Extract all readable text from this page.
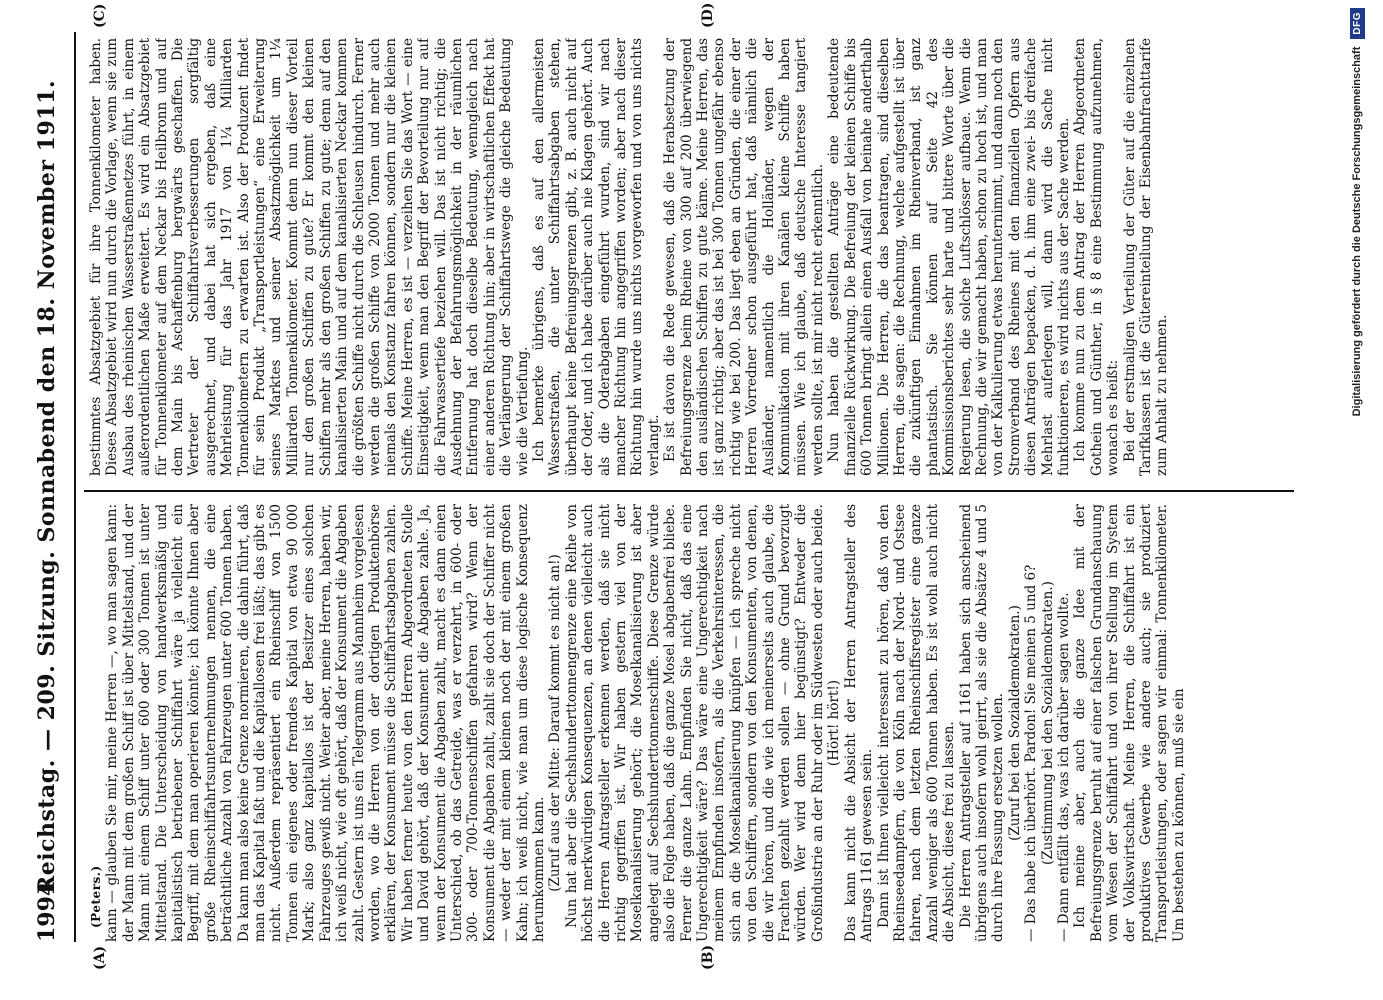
1994
Reichstag. — 209. Sitzung. Sonnabend den 18. November 1911.
(A)	(B)
(C)	(D)

(Peters.) kann — glauben Sie mir, meine Herren —, wo man sagen kann: der Mann mit dem großen Schiff ist über Mittelstand, und der Mann mit einem Schiff unter 600 oder 300 Tonnen ist unter Mittelstand. Die Unterscheidung von handwerksmäßig und kapitalistisch betriebener Schiffahrt wäre ja vielleicht ein Begriff, mit dem man operieren könnte; ich könnte Ihnen aber große Rheinschiffahrtsunternehmungen nennen, die eine beträchtliche Anzahl von Fahrzeugen unter 600 Tonnen haben. Da kann man also keine Grenze normieren, die dahin führt, daß man das Kapital faßt und die Kapitallosen frei läßt; das gibt es nicht. Außerdem repräsentiert ein Rheinschiff von 1500 Tonnen ein eigenes oder fremdes Kapital von etwa 90 000 Mark; also ganz kapitallos ist der Besitzer eines solchen Fahrzeuges gewiß nicht. Weiter aber, meine Herren, haben wir, ich weiß nicht, wie oft gehört, daß der Konsument die Abgaben zahlt. Gestern ist uns ein Telegramm aus Mannheim vorgelesen worden, wo die Herren von der dortigen Produktenbörse erklären, der Konsument müsse die Schiffahrtsabgaben zahlen. Wir haben ferner heute von den Herren Abgeordneten Stolle und David gehört, daß der Konsument die Abgaben zahle. Ja, wenn der Konsument die Abgaben zahlt, macht es dann einen Unterschied, ob das Getreide, was er verzehrt, in 600- oder 300- oder 700-Tonnenschiffen gefahren wird? Wenn der Konsument die Abgaben zahlt, zahlt sie doch der Schiffer nicht — weder der mit einem kleinen noch der mit einem großen Kahn; ich weiß nicht, wie man um diese logische Konsequenz herumkommen kann. (Zuruf aus der Mitte: Darauf kommt es nicht an!) Nun hat aber die Sechshunderttonnengrenze eine Reihe von höchst merkwürdigen Konsequenzen, an denen vielleicht auch die Herren Antragsteller erkennen werden, daß sie nicht richtig gegriffen ist. Wir haben gestern viel von der Moselkanalisierung gehört; die Moselkanalisierung ist aber angelegt auf Sechshunderttonnenschiffe. Diese Grenze würde also die Folge haben, daß die ganze Mosel abgabenfrei bliebe. Ferner die ganze Lahn. Empfinden Sie nicht, daß das eine Ungerechtigkeit wäre? Das wäre eine Ungerechtigkeit nach meinem Empfinden insofern, als die Verkehrsinteressen, die sich an die Moselkanalisierung knüpfen — ich spreche nicht von den Schiffern, sondern von den Konsumenten, von denen, die wir hören, und die wie ich meinerseits auch glaube, die Frachten gezahlt werden sollen — ohne Grund bevorzugt würden. Wer wird denn hier begünstigt? Entweder die Großindustrie an der Ruhr oder im Südwesten oder auch beide. (Hört! hört!) Das kann nicht die Absicht der Herren Antragsteller des Antrags 1161 gewesen sein. Dann ist Ihnen vielleicht interessant zu hören, daß von den Rheinseedampfern, die von Köln nach der Nord- und Ostsee fahren, nach dem letzten Rheinschiffsregister eine ganze Anzahl weniger als 600 Tonnen haben. Es ist wohl auch nicht die Absicht, diese frei zu lassen. Die Herren Antragsteller auf 1161 haben sich anscheinend übrigens auch insofern wohl geirrt, als sie die Absätze 4 und 5 durch ihre Fassung ersetzen wollen. (Zuruf bei den Sozialdemokraten.) — Das habe ich überhört. Pardon! Sie meinen 5 und 6? (Zustimmung bei den Sozialdemokraten.) — Dann entfällt das, was ich darüber sagen wollte. Ich meine aber, auch die ganze Idee mit der Befreiungsgrenze beruht auf einer falschen Grundanschauung vom Wesen der Schiffahrt und von ihrer Stellung im System der Volkswirtschaft. Meine Herren, die Schiffahrt ist ein produktives Gewerbe wie andere auch; sie produziert Transportleistungen, oder sagen wir einmal: Tonnenkilometer. Um bestehen zu können, muß sie ein

bestimmtes Absatzgebiet für ihre Tonnenkilometer haben. Dieses Absatzgebiet wird nun durch die Vorlage, wenn sie zum Ausbau des rheinischen Wasserstraßennetzes führt, in einem außerordentlichen Maße erweitert. Es wird ein Absatzgebiet für Tonnenkilometer auf dem Neckar bis Heilbronn und auf dem Main bis Aschaffenburg bergwärts geschaffen. Die Vertreter der Schiffahrtsverbesserungen sorgfältig ausgerechnet, und dabei hat sich ergeben, daß eine Mehrleistung für das Jahr 1917 von 1¼ Milliarden Tonnenkilometern zu erwarten ist. Also der Produzent findet für sein Produkt „Transportleistungen“ eine Erweiterung seines Marktes und seiner Absatzmöglichkeit um 1¼ Milliarden Tonnenkilometer. Kommt denn nun dieser Vorteil nur den großen Schiffen zu gute? Er kommt den kleinen Schiffen mehr als den großen Schiffen zu gute; denn auf den kanalisierten Main und auf dem kanalisierten Neckar kommen die größten Schiffe nicht durch die Schleusen hindurch. Ferner werden die großen Schiffe von 2000 Tonnen und mehr auch niemals den Konstanz fahren können, sondern nur die kleinen Schiffe. Meine Herren, es ist — verzeihen Sie das Wort — eine Einseitigkeit, wenn man den Begriff der Bevorteilung nur auf die Fahrwassertiefe beziehen will. Das ist nicht richtig; die Ausdehnung der Befahrungsmöglichkeit in der räumlichen Entfernung hat doch dieselbe Bedeutung, wenngleich nach einer anderen Richtung hin; aber in wirtschaftlichen Effekt hat die Verlängerung der Schiffahrtswege die gleiche Bedeutung wie die Vertiefung. Ich bemerke übrigens, daß es auf den allermeisten Wasserstraßen, die unter Schiffahrtsabgaben stehen, überhaupt keine Befreiungsgrenzen gibt, z. B. auch nicht auf der Oder, und ich habe darüber auch nie Klagen gehört. Auch als die Oderabgaben eingeführt wurden, sind wir nach mancher Richtung hin angegriffen worden; aber nach dieser Richtung hin wurde uns nichts vorgeworfen und von uns nichts verlangt. Es ist davon die Rede gewesen, daß die Herabsetzung der Befreiungsgrenze beim Rheine von 300 auf 200 überwiegend den ausländischen Schiffen zu gute käme. Meine Herren, das ist ganz richtig; aber das ist bei 300 Tonnen ungefähr ebenso richtig wie bei 200. Das liegt eben an Gründen, die einer der Herren Vorredner schon ausgeführt hat, daß nämlich die Ausländer, namentlich die Holländer, wegen der Kommunikation mit ihren Kanälen kleine Schiffe haben müssen. Wie ich glaube, daß deutsche Interesse tangiert werden sollte, ist mir nicht recht erkenntlich. Nun haben die gestellten Anträge eine bedeutende finanzielle Rückwirkung. Die Befreiung der kleinen Schiffe bis 600 Tonnen bringt allein einen Ausfall von beinahe anderthalb Millionen. Die Herren, die das beantragen, sind dieselben Herren, die sagen: die Rechnung, welche aufgestellt ist über die zukünftigen Einnahmen im Rheinverband, ist ganz phantastisch. Sie können auf Seite 42 des Kommissionsberichtes sehr harte und bittere Worte über die Regierung lesen, die solche Luftschlösser aufbaue. Wenn die Rechnung, die wir gemacht haben, schon zu hoch ist, und man von der Kalkulierung etwas herunternimmt, und dann noch den Stromverband des Rheines mit den finanziellen Opfern aus diesen Anträgen bepacken, d. h. ihm eine zwei- bis dreifache Mehrlast auferlegen will, dann wird die Sache nicht funktionieren, es wird nichts aus der Sache werden. Ich komme nun zu dem Antrag der Herren Abgeordneten Gothein und Günther, in § 8 eine Bestimmung aufzunehmen, wonach es heißt: Bei der erstmaligen Verteilung der Güter auf die einzelnen Tarifklassen ist die Gütereinteilung der Eisenbahnfrachttarife zum Anhalt zu nehmen.	Digitalisierung gefördert durch die Deutsche Forschungsgemeinschaft
DFG
